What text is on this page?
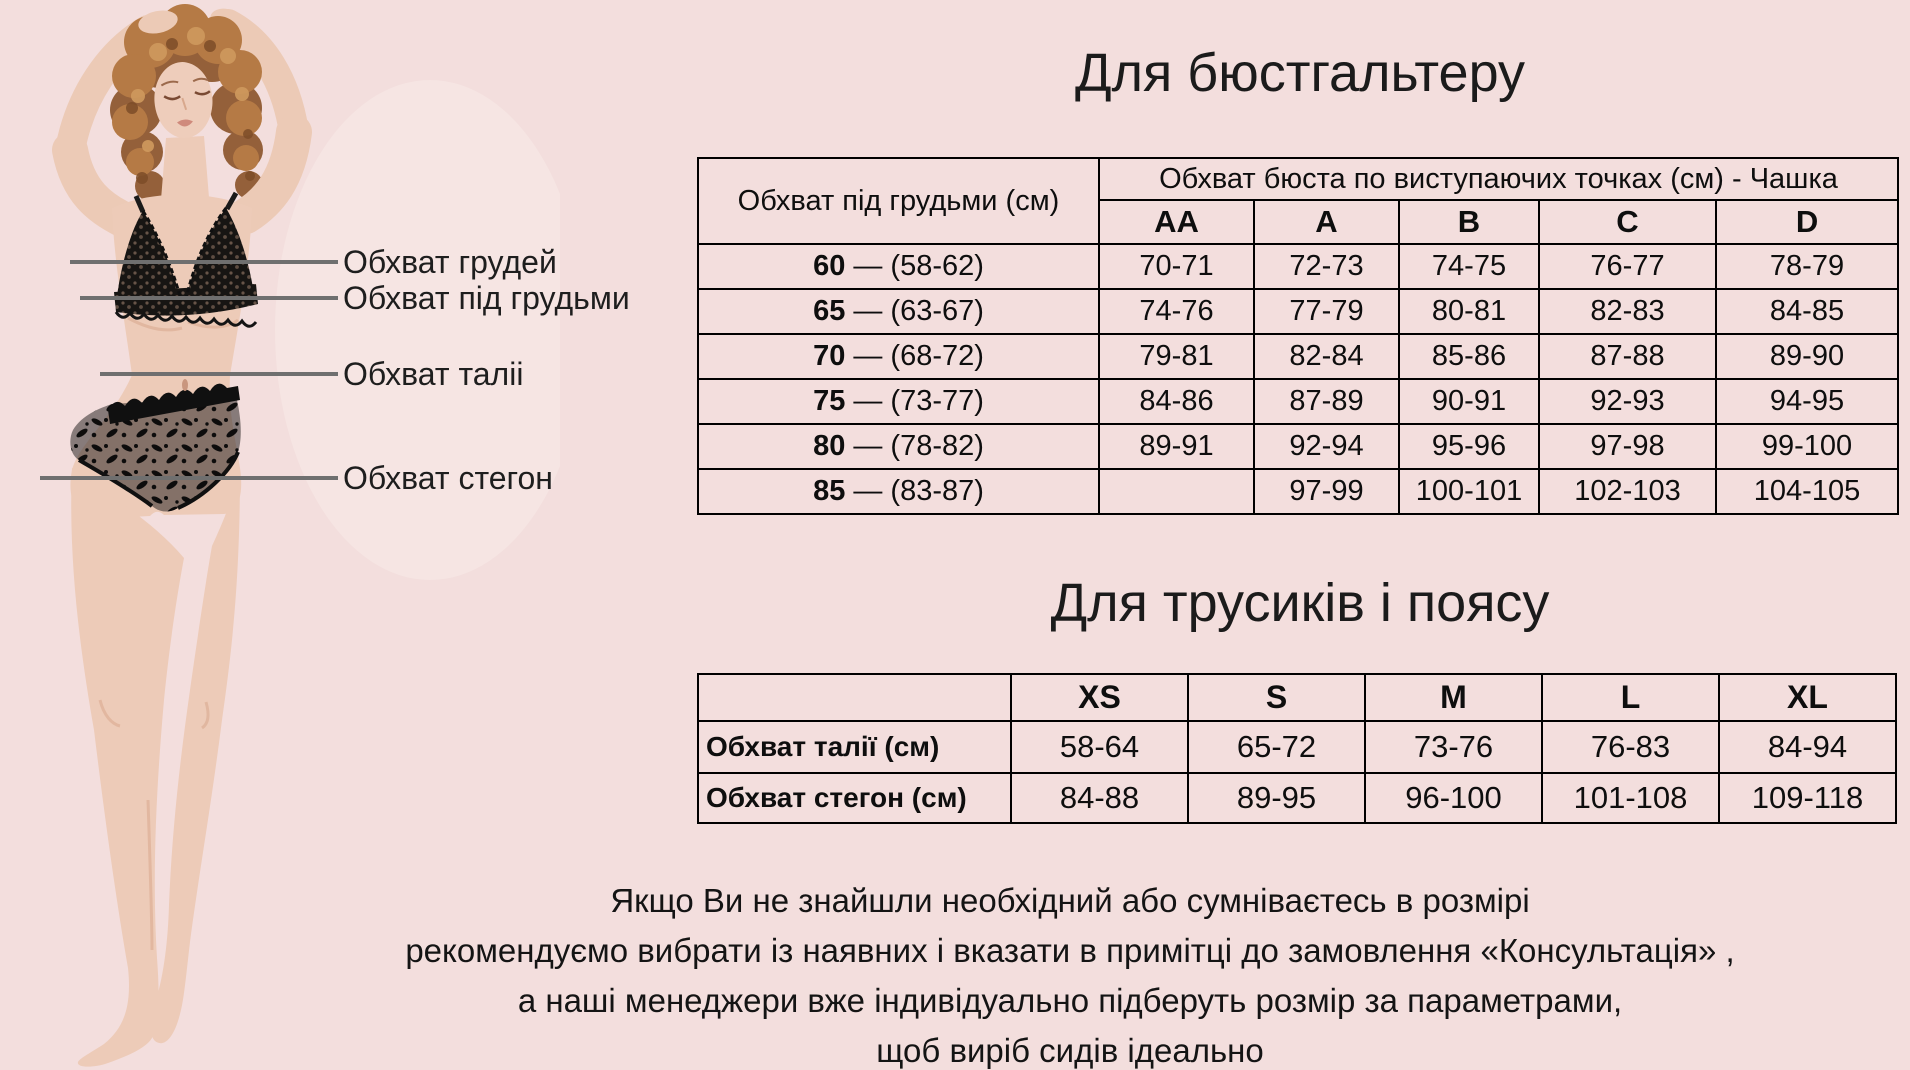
Обхват грудей
Обхват під грудьми
Обхват таліі
Обхват стегон
Для бюстгальтеру
Обхват під грудьми (см)	Обхват бюста по виступаючих точках (см) - Чашка				
	AA	A	B	C	D
60 — (58-62)	70-71	72-73	74-75	76-77	78-79
65 — (63-67)	74-76	77-79	80-81	82-83	84-85
70 — (68-72)	79-81	82-84	85-86	87-88	89-90
75 — (73-77)	84-86	87-89	90-91	92-93	94-95
80 — (78-82)	89-91	92-94	95-96	97-98	99-100
85 — (83-87)		97-99	100-101	102-103	104-105
Для трусиків і поясу
	XS	S	M	L	XL
Обхват талії (см)	58-64	65-72	73-76	76-83	84-94
Обхват стегон (см)	84-88	89-95	96-100	101-108	109-118
Якщо Ви не знайшли необхідний або сумніваєтесь в розмірі
рекомендуємо вибрати із наявних і вказати в примітці до замовлення «Консультація» ,
а наші менеджери вже індивідуально підберуть розмір за параметрами,
щоб виріб сидів ідеально
